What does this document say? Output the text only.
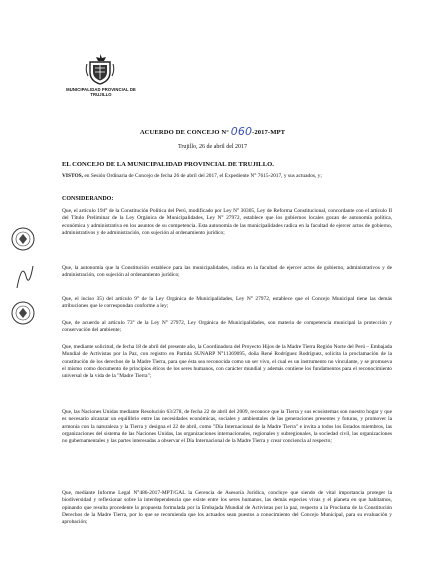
MUNICIPALIDAD PROVINCIAL DE TRUJILLO
ACUERDO DE CONCEJO N° 060-2017-MPT
Trujillo, 26 de abril del 2017
EL CONCEJO DE LA MUNICIPALIDAD PROVINCIAL DE TRUJILLO.

VISTOS, en Sesión Ordinaria de Concejo de fecha 26 de abril del 2017, el Expediente N° 7615-2017, y sus actuados, y;

CONSIDERANDO:

Que, el artículo 194° de la Constitución Política del Perú, modificado por Ley N° 30305, Ley de Reforma Constitucional, concordante con el artículo II del Título Preliminar de la Ley Orgánica de Municipalidades, Ley N° 27972, establece que los gobiernos locales gozan de autonomía política, económica y administrativa en los asuntos de su competencia. Esta autonomía de las municipalidades radica en la facultad de ejercer actos de gobierno, administrativos y de administración, con sujeción al ordenamiento jurídico;

Que, la autonomía que la Constitución establece para las municipalidades, radica en la facultad de ejercer actos de gobierno, administrativos y de administración, con sujeción al ordenamiento jurídico;

Que, el inciso 35) del artículo 9° de la Ley Orgánica de Municipalidades, Ley N° 27972, establece que el Concejo Municipal tiene las demás atribuciones que le correspondan conforme a ley;

Que, de acuerdo al artículo 73° de la Ley N° 27972, Ley Orgánica de Municipalidades, son materia de competencia municipal la protección y conservación del ambiente;

Que, mediante solicitud, de fecha 18 de abril del presente año, la Coordinadora del Proyecto Hijos de la Madre Tierra Región Norte del Perú – Embajada Mundial de Activistas por la Paz, con registro en Partida SUNARP N°11369095, doña René Rodríguez Rodríguez, solicita la proclamación de la constitución de los derechos de la Madre Tierra, para que ésta sea reconocida como un ser vivo, el cual es un instrumento no vinculante, y se promueva el mismo como documento de principios éticos de los seres humanos, con carácter mundial y además contiene los fundamentos para el reconocimiento universal de la vida de la "Madre Tierra";

Que, las Naciones Unidas mediante Resolución 63/278, de fecha 22 de abril del 2009, reconoce que la Tierra y sus ecosistemas son nuestro hogar y que es necesario alcanzar un equilibrio entre las necesidades económicas, sociales y ambientales de las generaciones presentes y futuras, y promover la armonía con la naturaleza y la Tierra y designa el 22 de abril, como "Día Internacional de la Madre Tierra" e invita a todos los Estados miembros, las organizaciones del sistema de las Naciones Unidas, las organizaciones internacionales, regionales y subregionales, la sociedad civil, las organizaciones no gubernamentales y las partes interesadas a observar el Día Internacional de la Madre Tierra y crear conciencia al respecto;

Que, mediante Informe Legal N°486-2017-MPT/GAL la Gerencia de Asesoría Jurídica, concluye que siendo de vital importancia proteger la biodiversidad y reflexionar sobre la interdependencia que existe entre los seres humanos, las demás especies vivas y el planeta en que habitamos, opinando que resulta procedente la propuesta formulada por la Embajada Mundial de Activistas por la paz, respecto a la Proclama de la Constitución Derechos de la Madre Tierra, por lo que se recomienda que los actuados sean puestos a conocimiento del Concejo Municipal, para su evaluación y aprobación;
